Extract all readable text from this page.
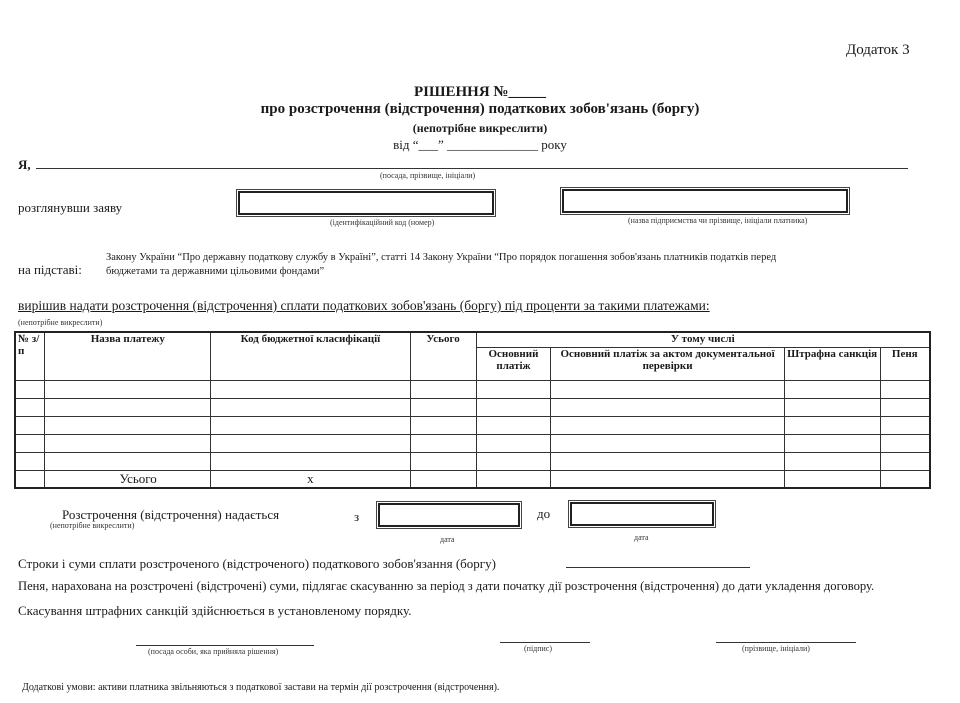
Додаток 3
РІШЕННЯ №_____
про розстрочення (відстрочення) податкових зобов'язань (боргу)
(непотрібне викреслити)
від “___” ______________ року
Я,
(посада, прізвище, ініціали)
розглянувши заяву
(ідентифікаційний код (номер)	(назва підприємства чи прізвище, ініціали платника)
на підставі:
Закону України “Про державну податкову службу в Україні”, статті 14 Закону України “Про порядок погашення зобов'язань платників податків перед
бюджетами та державними цільовими фондами”
вирішив надати розстрочення (відстрочення) сплати податкових зобов'язань (боргу) під проценти за такими платежами:
(непотрібне викреслити)
№ з/п	Назва платежу	Код бюджетної класифікації	Усього	У тому числі			
				Основний платіж	Основний платіж за актом документальної перевірки	Штрафна санкція	Пеня

	Усього	х					
Розстрочення (відстрочення) надається
(непотрібне викреслити)
з
дата
до
дата
Строки і суми сплати розстроченого (відстроченого) податкового зобов'язання (боргу)
Пеня, нарахована на розстрочені (відстрочені) суми, підлягає скасуванню за період з дати початку дії розстрочення (відстрочення) до дати укладення договору.
Скасування штрафних санкцій здійснюється в установленому порядку.
(посада особи, яка прийняла рішення)	(підпис)	(прізвище, ініціали)
Додаткові умови: активи платника звільняються з податкової застави на термін дії розстрочення (відстрочення).
